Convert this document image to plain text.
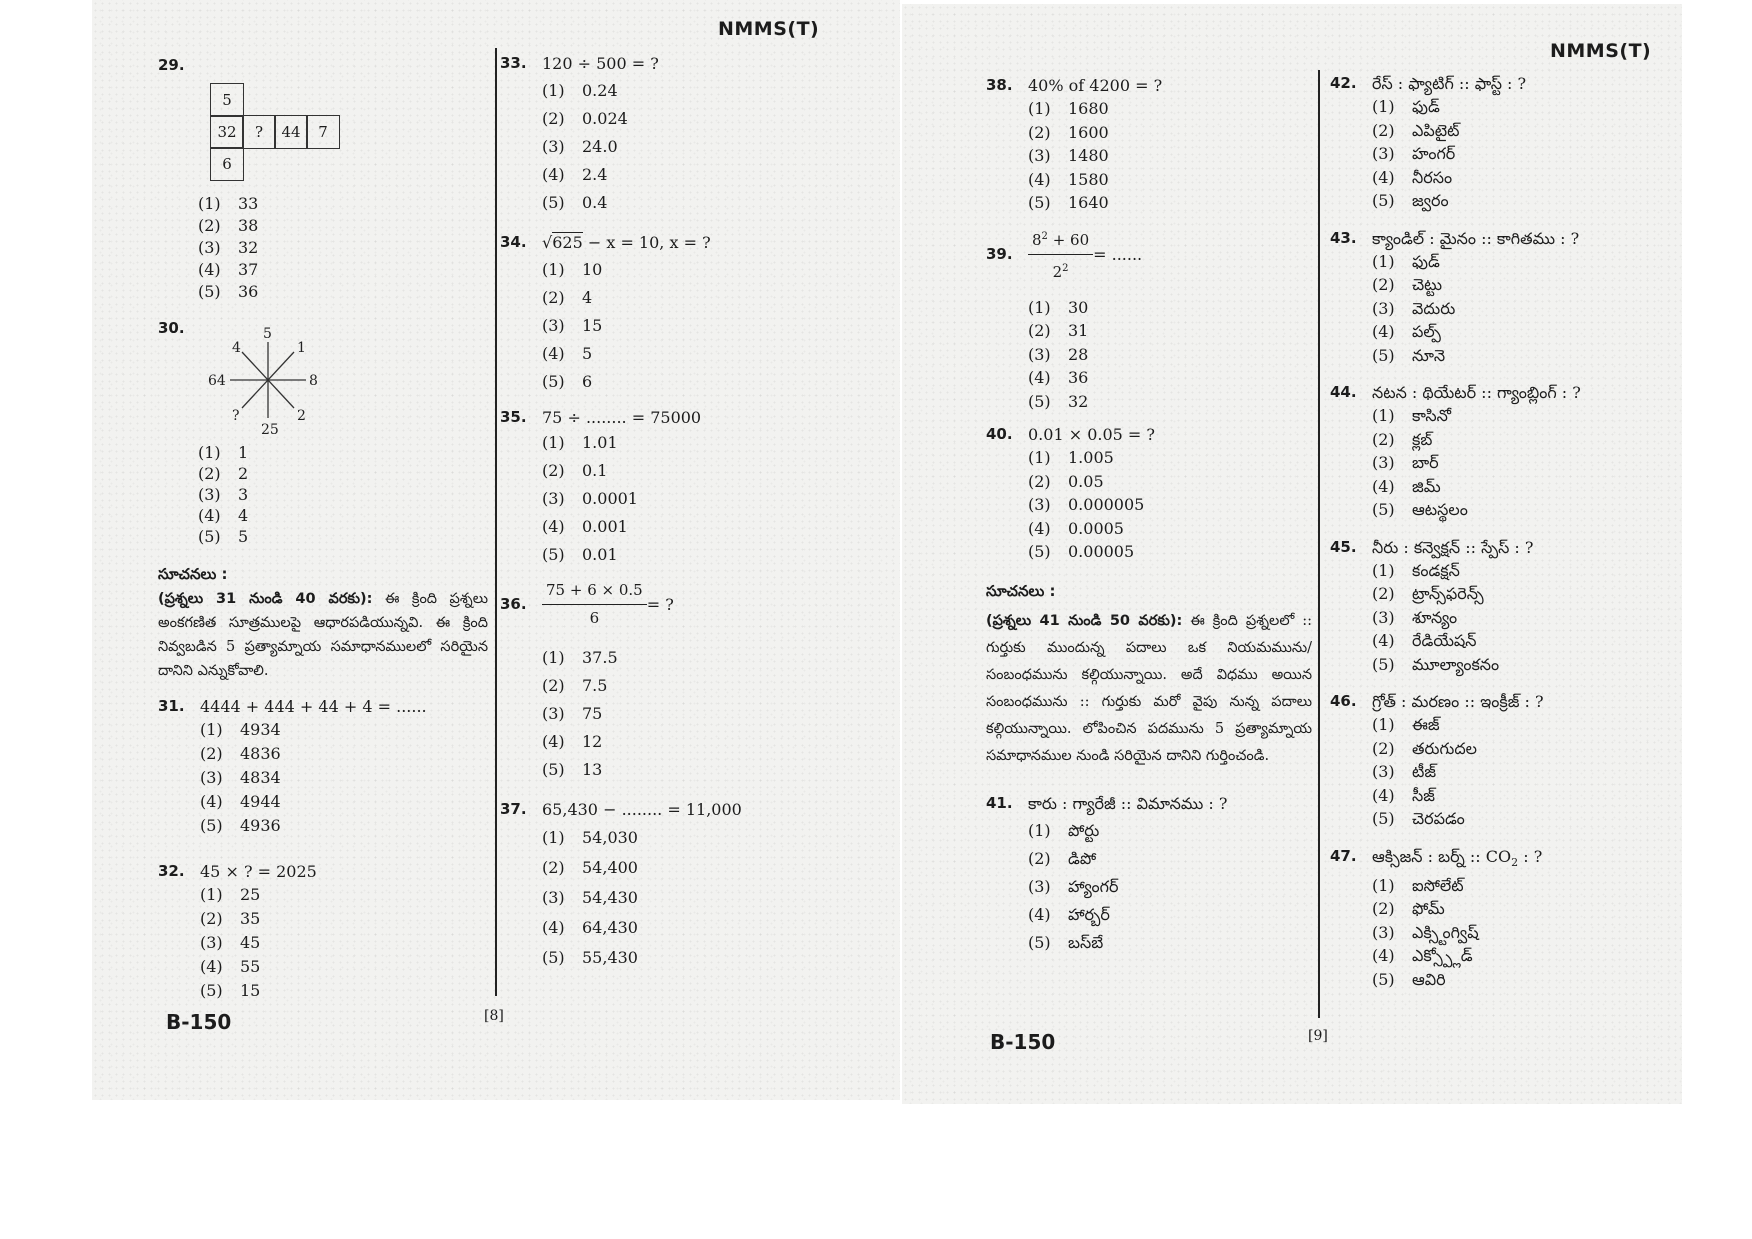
NMMS(T)
NMMS(T)
B-150	[8]
B-150	[9]
29.
5
32	?	44	7
6
(1)	33
(2)	38
(3)	32
(4)	37
(5)	36
30.	5
4	1
64	8
?	2
25
(1)	1
(2)	2
(3)	3
(4)	4
(5)	5
సూచనలు :
(ప్రశ్నలు 31 నుండి 40 వరకు): ఈ క్రింది ప్రశ్నలు అంకగణిత సూత్రములపై ఆధారపడియున్నవి. ఈ క్రింది నివ్వబడిన 5 ప్రత్యామ్నాయ సమాధానములలో సరియైన దానిని ఎన్నుకోవాలి.
31. 4444 + 444 + 44 + 4 = ......
(1)	4934
(2)	4836
(3)	4834
(4)	4944
(5)	4936
32. 45 × ? = 2025
(1)	25
(2)	35
(3)	45
(4)	55
(5)	15
33. 120 ÷ 500 = ?
(1)	0.24
(2)	0.024
(3)	24.0
(4)	2.4
(5)	0.4
34. √625 − x = 10, x = ?
(1)	10
(2)	4
(3)	15
(4)	5
(5)	6
35. 75 ÷ ........ = 75000
(1)	1.01
(2)	0.1
(3)	0.0001
(4)	0.001
(5)	0.01
36.	$\frac{75 + 6 \times 0.5}{6}$ = ?
(1)	37.5
(2)	7.5
(3)	75
(4)	12
(5)	13
37. 65,430 − ........ = 11,000
(1)	54,030
(2)	54,400
(3)	54,430
(4)	64,430
(5)	55,430
38. 40% of 4200 = ?
(1)	1680
(2)	1600
(3)	1480
(4)	1580
(5)	1640
39.	$\frac{8^2 + 60}{2^2}$ = ......
(1)	30
(2)	31
(3)	28
(4)	36
(5)	32
40. 0.01 × 0.05 = ?
(1)	1.005
(2)	0.05
(3)	0.000005
(4)	0.0005
(5)	0.00005
సూచనలు :
(ప్రశ్నలు 41 నుండి 50 వరకు): ఈ క్రింది ప్రశ్నలలో :: గుర్తుకు ముందున్న పదాలు ఒక నియమమును/సంబంధమును కల్గియున్నాయి. అదే విధము అయిన సంబంధమును :: గుర్తుకు మరో వైపు నున్న పదాలు కల్గియున్నాయి. లోపించిన పదమును 5 ప్రత్యామ్నాయ సమాధానముల నుండి సరియైన దానిని గుర్తించండి.
41. కారు : గ్యారేజీ :: విమానము : ?
(1)	పోర్టు
(2)	డిపో
(3)	హ్యాంగర్
(4)	హార్బర్
(5)	బస్‌బే
42. రేస్ : ఫ్యాటిగ్ :: ఫాస్ట్ : ?
(1)	ఫుడ్
(2)	ఎపిటైట్
(3)	హంగర్
(4)	నీరసం
(5)	జ్వరం
43. క్యాండిల్ : మైనం :: కాగితము : ?
(1)	ఫుడ్
(2)	చెట్టు
(3)	వెదురు
(4)	పల్ప్
(5)	నూనె
44. నటన : థియేటర్ :: గ్యాంబ్లింగ్ : ?
(1)	కాసినో
(2)	క్లబ్
(3)	బార్
(4)	జిమ్
(5)	ఆటస్థలం
45. నీరు : కన్వెక్షన్ :: స్పేస్ : ?
(1)	కండక్షన్
(2)	ట్రాన్స్‌ఫరెన్స్
(3)	శూన్యం
(4)	రేడియేషన్
(5)	మూల్యాంకనం
46. గ్రోత్ : మరణం :: ఇంక్రీజ్ : ?
(1)	ఈజ్
(2)	తరుగుదల
(3)	టీజ్
(4)	సీజ్
(5)	చెరపడం
47. ఆక్సిజన్ : బర్న్ :: $CO_2$ : ?
(1)	ఐసోలేట్
(2)	ఫోమ్
(3)	ఎక్స్టింగ్విష్
(4)	ఎక్స్ప్లోడ్
(5)	ఆవిరి
